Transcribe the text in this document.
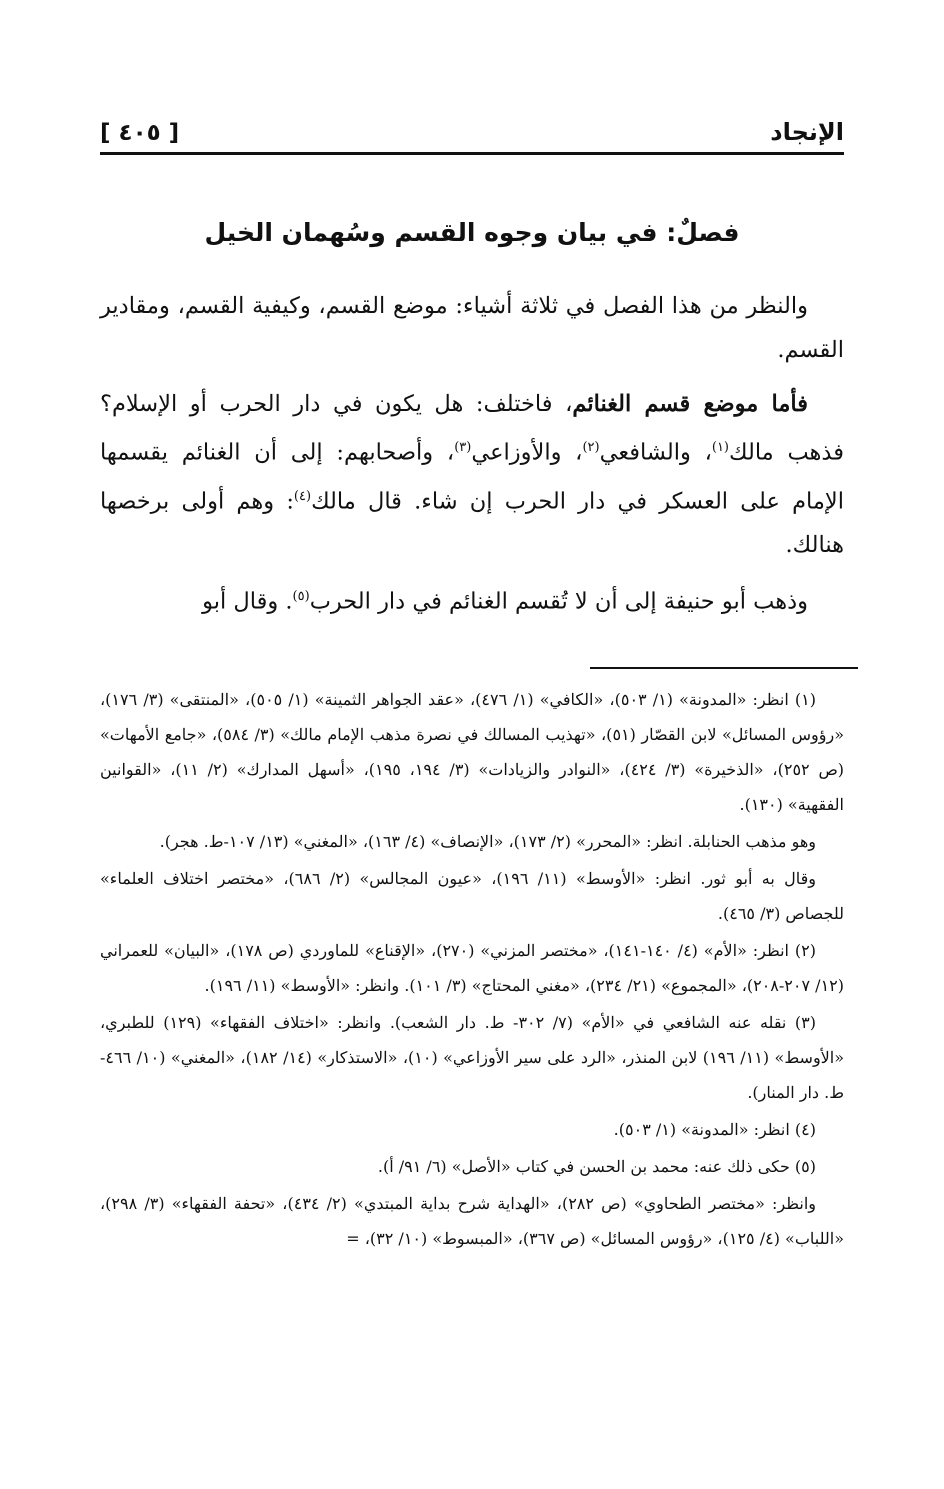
الإنجاد
[ ٤٠٥ ]
فصلٌ: في بيان وجوه القسم وسُهمان الخيل

والنظر من هذا الفصل في ثلاثة أشياء: موضع القسم، وكيفية القسم، ومقادير القسم.

فأما موضع قسم الغنائم، فاختلف: هل يكون في دار الحرب أو الإسلام؟ فذهب مالك$^{(١)}$، والشافعي$^{(٢)}$، والأوزاعي$^{(٣)}$، وأصحابهم: إلى أن الغنائم يقسمها الإمام على العسكر في دار الحرب إن شاء. قال مالك$^{(٤)}$: وهم أولى برخصها هنالك.

وذهب أبو حنيفة إلى أن لا تُقسم الغنائم في دار الحرب$^{(٥)}$. وقال أبو

(١) انظر: «المدونة» (١/ ٥٠٣)، «الكافي» (١/ ٤٧٦)، «عقد الجواهر الثمينة» (١/ ٥٠٥)، «المنتقى» (٣/ ١٧٦)، «رؤوس المسائل» لابن القصّار (٥١)، «تهذيب المسالك في نصرة مذهب الإمام مالك» (٣/ ٥٨٤)، «جامع الأمهات» (ص ٢٥٢)، «الذخيرة» (٣/ ٤٢٤)، «النوادر والزيادات» (٣/ ١٩٤، ١٩٥)، «أسهل المدارك» (٢/ ١١)، «القوانين الفقهية» (١٣٠).

وهو مذهب الحنابلة. انظر: «المحرر» (٢/ ١٧٣)، «الإنصاف» (٤/ ١٦٣)، «المغني» (١٣/ ١٠٧-ط. هجر).

وقال به أبو ثور. انظر: «الأوسط» (١١/ ١٩٦)، «عيون المجالس» (٢/ ٦٨٦)، «مختصر اختلاف العلماء» للجصاص (٣/ ٤٦٥).

(٢) انظر: «الأم» (٤/ ١٤٠-١٤١)، «مختصر المزني» (٢٧٠)، «الإقناع» للماوردي (ص ١٧٨)، «البيان» للعمراني (١٢/ ٢٠٧-٢٠٨)، «المجموع» (٢١/ ٢٣٤)، «مغني المحتاج» (٣/ ١٠١). وانظر: «الأوسط» (١١/ ١٩٦).

(٣) نقله عنه الشافعي في «الأم» (٧/ ٣٠٢- ط. دار الشعب). وانظر: «اختلاف الفقهاء» (١٢٩) للطبري، «الأوسط» (١١/ ١٩٦) لابن المنذر، «الرد على سير الأوزاعي» (١٠)، «الاستذكار» (١٤/ ١٨٢)، «المغني» (١٠/ ٤٦٦- ط. دار المنار).

(٤) انظر: «المدونة» (١/ ٥٠٣).

(٥) حكى ذلك عنه: محمد بن الحسن في كتاب «الأصل» (٦/ ٩١/ أ).

وانظر: «مختصر الطحاوي» (ص ٢٨٢)، «الهداية شرح بداية المبتدي» (٢/ ٤٣٤)، «تحفة الفقهاء» (٣/ ٢٩٨)، «اللباب» (٤/ ١٢٥)، «رؤوس المسائل» (ص ٣٦٧)، «المبسوط» (١٠/ ٣٢)، =
